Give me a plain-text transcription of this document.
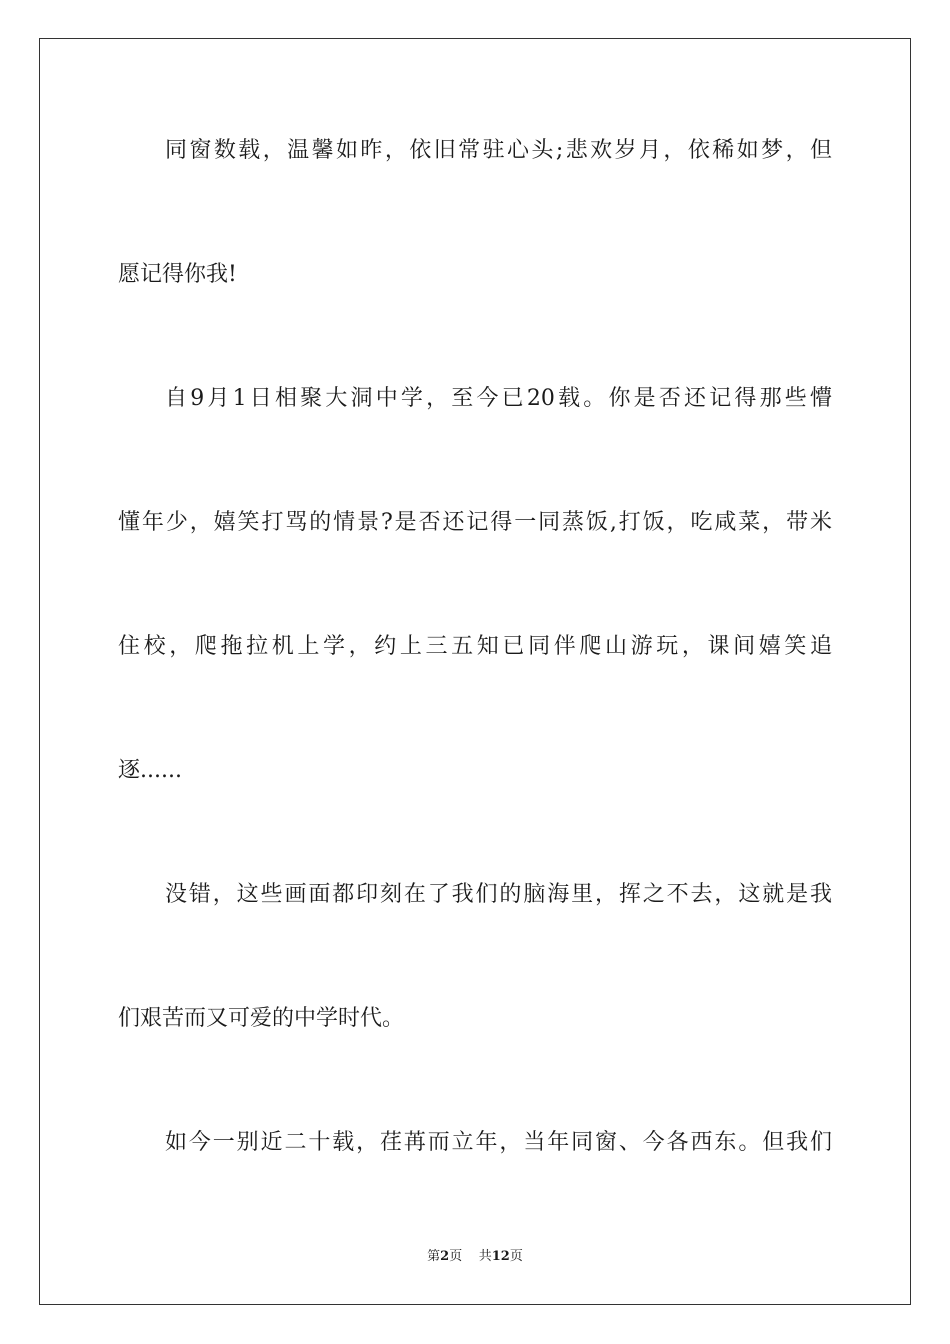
同窗数载，温馨如昨，依旧常驻心头;悲欢岁月，依稀如梦，但
愿记得你我!
自9月1日相聚大洞中学，至今已20载。你是否还记得那些懵
懂年少，嬉笑打骂的情景?是否还记得一同蒸饭,打饭，吃咸菜，带米
住校，爬拖拉机上学，约上三五知已同伴爬山游玩，课间嬉笑追
逐......
没错，这些画面都印刻在了我们的脑海里，挥之不去，这就是我
们艰苦而又可爱的中学时代。
如今一别近二十载，荏苒而立年，当年同窗、今各西东。但我们
第2页 共12页
